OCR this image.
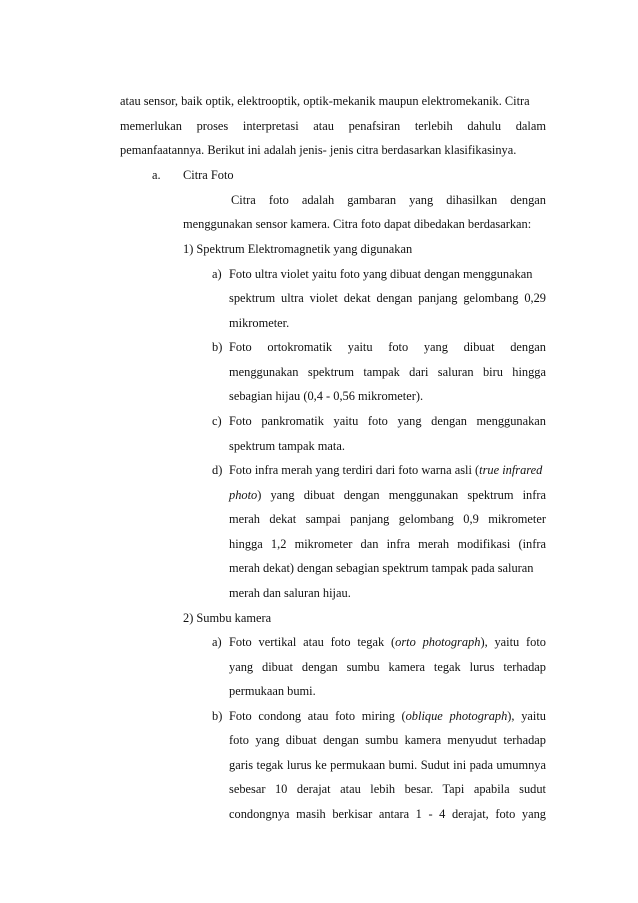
atau sensor, baik optik, elektrooptik, optik-mekanik maupun elektromekanik. Citra
memerlukan proses interpretasi atau penafsiran terlebih dahulu dalam
pemanfaatannya. Berikut ini adalah jenis- jenis citra berdasarkan klasifikasinya.
a. Citra Foto
Citra foto adalah gambaran yang dihasilkan dengan
menggunakan sensor kamera. Citra foto dapat dibedakan berdasarkan:
1) Spektrum Elektromagnetik yang digunakan
a) Foto ultra violet yaitu foto yang dibuat dengan menggunakan
spektrum ultra violet dekat dengan panjang gelombang 0,29
mikrometer.
b) Foto ortokromatik yaitu foto yang dibuat dengan
menggunakan spektrum tampak dari saluran biru hingga
sebagian hijau (0,4 - 0,56 mikrometer).
c) Foto pankromatik yaitu foto yang dengan menggunakan
spektrum tampak mata.
d) Foto infra merah yang terdiri dari foto warna asli (true infrared
photo) yang dibuat dengan menggunakan spektrum infra
merah dekat sampai panjang gelombang 0,9 mikrometer
hingga 1,2 mikrometer dan infra merah modifikasi (infra
merah dekat) dengan sebagian spektrum tampak pada saluran
merah dan saluran hijau.
2) Sumbu kamera
a) Foto vertikal atau foto tegak (orto photograph), yaitu foto
yang dibuat dengan sumbu kamera tegak lurus terhadap
permukaan bumi.
b) Foto condong atau foto miring (oblique photograph), yaitu
foto yang dibuat dengan sumbu kamera menyudut terhadap
garis tegak lurus ke permukaan bumi. Sudut ini pada umumnya
sebesar 10 derajat atau lebih besar. Tapi apabila sudut
condongnya masih berkisar antara 1 - 4 derajat, foto yang
